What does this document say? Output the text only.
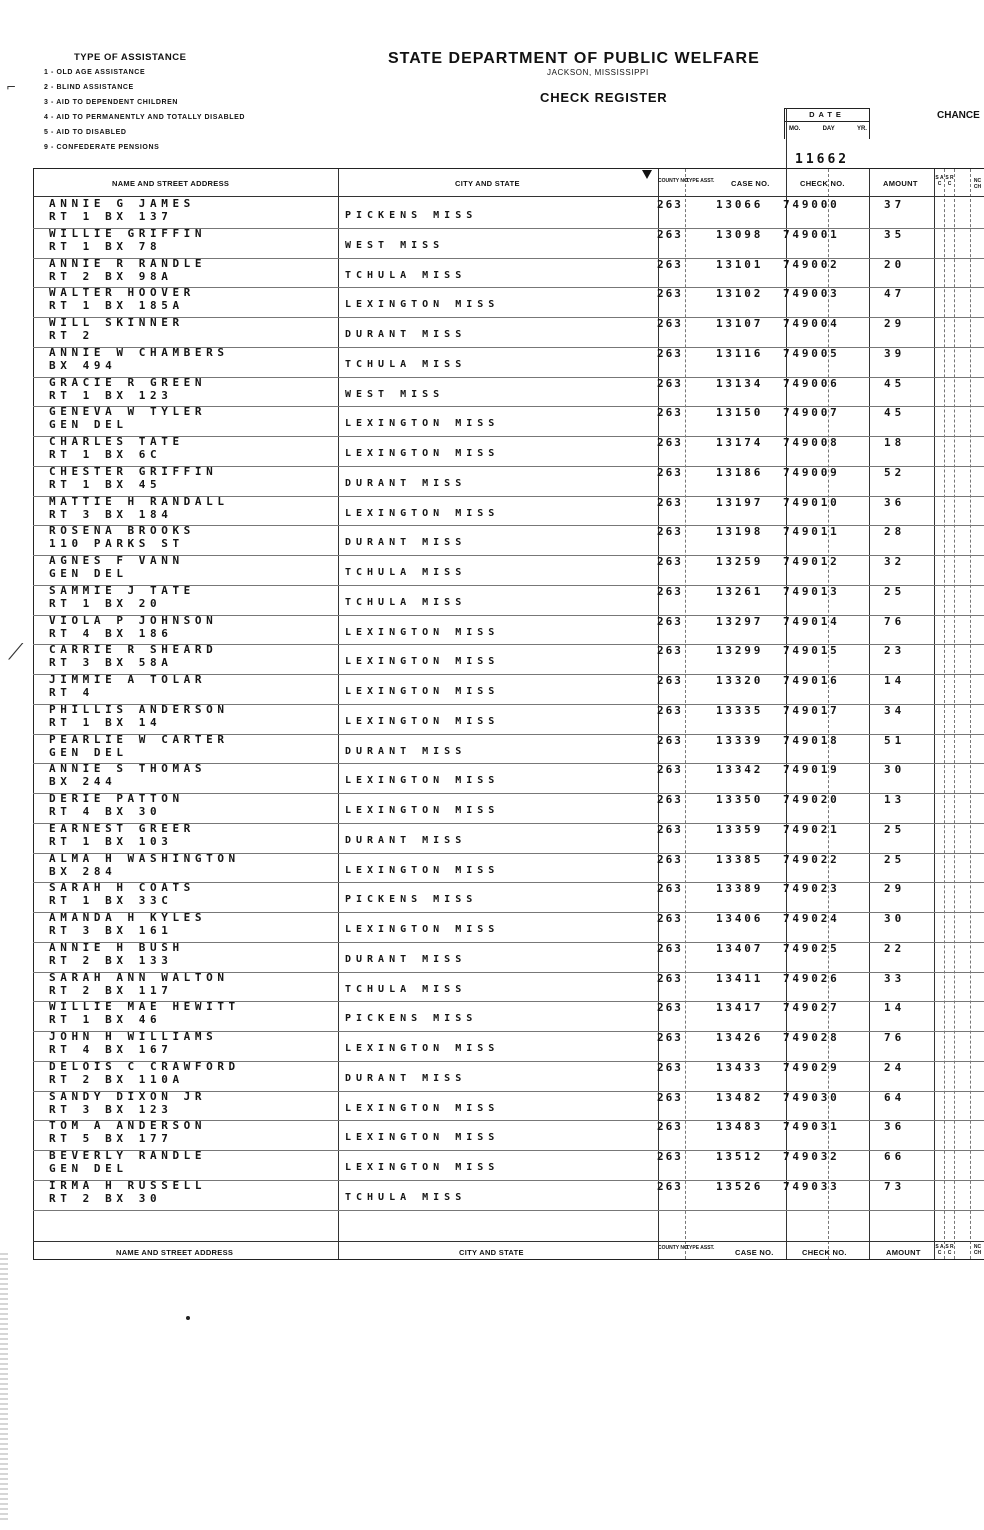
TYPE OF ASSISTANCE
1 - OLD AGE ASSISTANCE
2 - BLIND ASSISTANCE
3 - AID TO DEPENDENT CHILDREN
4 - AID TO PERMANENTLY AND TOTALLY DISABLED
5 - AID TO DISABLED
9 - CONFEDERATE PENSIONS
STATE DEPARTMENT OF PUBLIC WELFARE
JACKSON, MISSISSIPPI
CHECK REGISTER
CHANCE
DATE
MO.	DAY	YR.
11662
NAME AND STREET ADDRESS	CITY AND STATE	COUNTY NO.
TYPE ASST. CASE NO.	CHECK NO.	AMOUNT
S A C
S R C	NC CH
NAME AND STREET ADDRESS	CITY AND STATE	COUNTY NO.
TYPE ASST.	CASE NO.	CHECK NO.	AMOUNT
S A C
S R C
NC CH
ANNIE G JAMES
RT 1 BX 137	PICKENS MISS
263	13066 749000	37
WILLIE GRIFFIN
RT 1 BX 78	WEST MISS
263	13098 749001	35
ANNIE R RANDLE
RT 2 BX 98A	TCHULA MISS
263	13101 749002	20
WALTER HOOVER
RT 1 BX 185A	LEXINGTON MISS
263	13102 749003	47
WILL SKINNER
RT 2	DURANT MISS
263	13107 749004	29
ANNIE W CHAMBERS
BX 494	TCHULA MISS
263	13116 749005	39
GRACIE R GREEN
RT 1 BX 123	WEST MISS
263	13134 749006	45
GENEVA W TYLER
GEN DEL	LEXINGTON MISS
263	13150 749007	45
CHARLES TATE
RT 1 BX 6C	LEXINGTON MISS
263	13174 749008	18
CHESTER GRIFFIN
RT 1 BX 45	DURANT MISS
263	13186 749009	52
MATTIE H RANDALL
RT 3 BX 184	LEXINGTON MISS
263	13197 749010	36
ROSENA BROOKS
110 PARKS ST	DURANT MISS
263	13198 749011	28
AGNES F VANN
GEN DEL	TCHULA MISS
263	13259 749012	32
SAMMIE J TATE
RT 1 BX 20	TCHULA MISS
263	13261 749013	25
VIOLA P JOHNSON
RT 4 BX 186	LEXINGTON MISS
263	13297 749014	76
CARRIE R SHEARD
RT 3 BX 58A	LEXINGTON MISS
263	13299 749015	23
JIMMIE A TOLAR
RT 4	LEXINGTON MISS
263	13320 749016	14
PHILLIS ANDERSON
RT 1 BX 14	LEXINGTON MISS
263	13335 749017	34
PEARLIE W CARTER
GEN DEL	DURANT MISS
263	13339 749018	51
ANNIE S THOMAS
BX 244	LEXINGTON MISS
263	13342 749019	30
DERIE PATTON
RT 4 BX 30	LEXINGTON MISS
263	13350 749020	13
EARNEST GREER
RT 1 BX 103	DURANT MISS
263	13359 749021	25
ALMA H WASHINGTON
BX 284	LEXINGTON MISS
263	13385 749022	25
SARAH H COATS
RT 1 BX 33C	PICKENS MISS
263	13389 749023	29
AMANDA H KYLES
RT 3 BX 161	LEXINGTON MISS
263	13406 749024	30
ANNIE H BUSH
RT 2 BX 133	DURANT MISS
263	13407 749025	22
SARAH ANN WALTON
RT 2 BX 117	TCHULA MISS
263	13411 749026	33
WILLIE MAE HEWITT
RT 1 BX 46	PICKENS MISS
263	13417 749027	14
JOHN H WILLIAMS
RT 4 BX 167	LEXINGTON MISS
263	13426 749028	76
DELOIS C CRAWFORD
RT 2 BX 110A	DURANT MISS
263	13433 749029	24
SANDY DIXON JR
RT 3 BX 123	LEXINGTON MISS
263	13482 749030	64
TOM A ANDERSON
RT 5 BX 177	LEXINGTON MISS
263	13483 749031	36
BEVERLY RANDLE
GEN DEL	LEXINGTON MISS
263	13512 749032	66
IRMA H RUSSELL
RT 2 BX 30	TCHULA MISS
263	13526 749033	73
⌐
⟋
